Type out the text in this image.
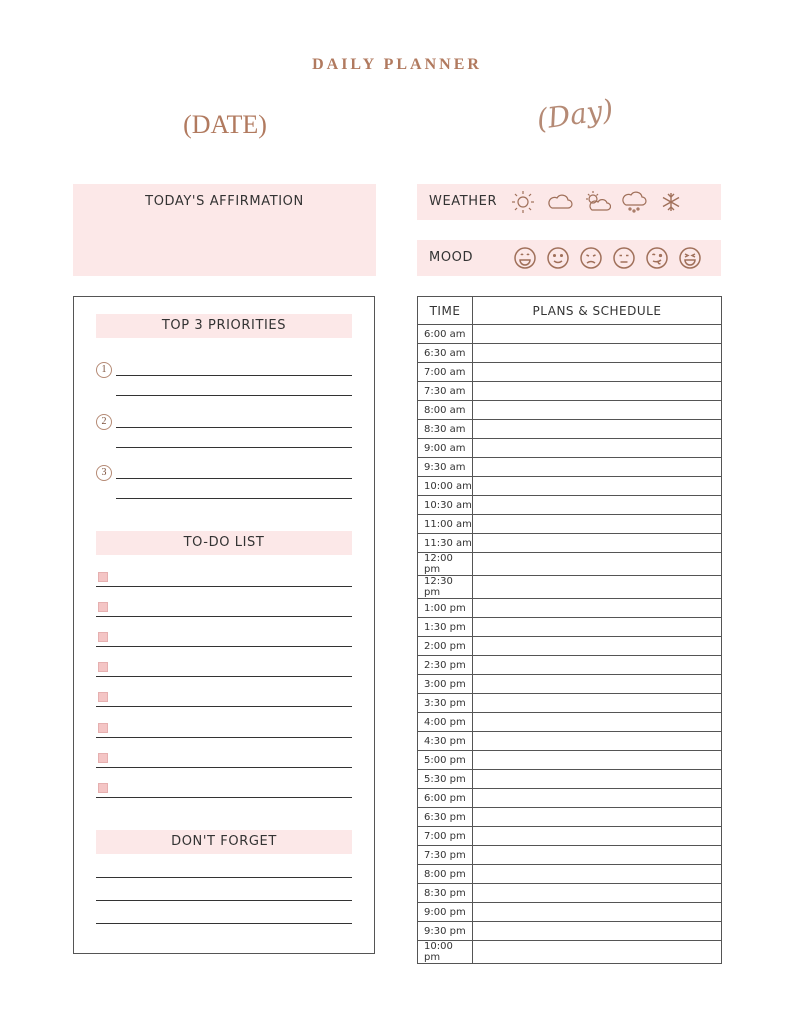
DAILY PLANNER
(DATE)	(Day)
TODAY'S AFFIRMATION	WEATHER
MOOD
TOP 3 PRIORITIES
1
2
3
TO-DO LIST
DON'T FORGET
TIME	PLANS & SCHEDULE
6:00 am	
6:30 am	
7:00 am	
7:30 am	
8:00 am	
8:30 am	
9:00 am	
9:30 am	
10:00 am	
10:30 am	
11:00 am	
11:30 am	
12:00 pm	
12:30 pm	
1:00 pm	
1:30 pm	
2:00 pm	
2:30 pm	
3:00 pm	
3:30 pm	
4:00 pm	
4:30 pm	
5:00 pm	
5:30 pm	
6:00 pm	
6:30 pm	
7:00 pm	
7:30 pm	
8:00 pm	
8:30 pm	
9:00 pm	
9:30 pm	
10:00 pm	
